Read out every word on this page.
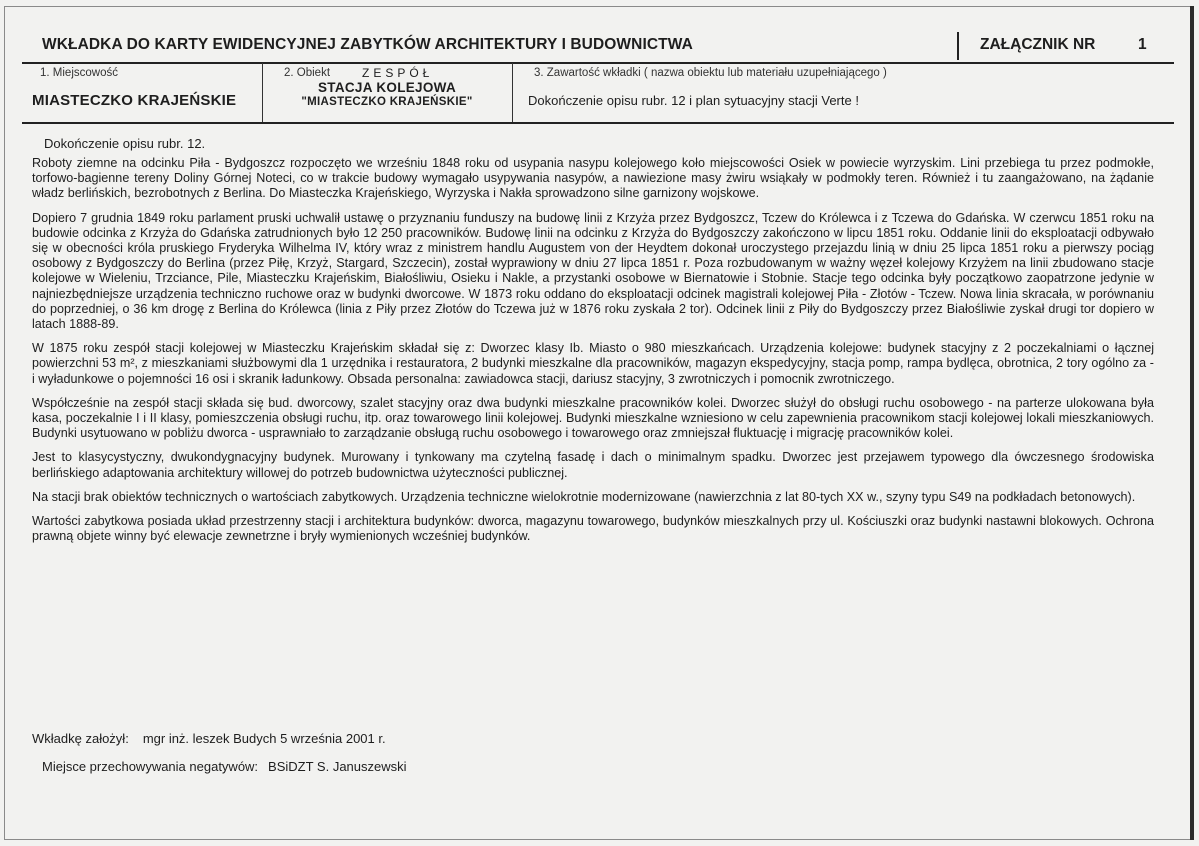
WKŁADKA DO KARTY EWIDENCYJNEJ ZABYTKÓW ARCHITEKTURY I BUDOWNICTWA	ZAŁĄCZNIK NR	1
1. Miejscowość
MIASTECZKO KRAJEŃSKIE
2. Obiekt	ZESPÓŁ
STACJA KOLEJOWA
"MIASTECZKO KRAJEŃSKIE"
3. Zawartość wkładki ( nazwa obiektu lub materiału uzupełniającego )
Dokończenie opisu rubr. 12 i plan sytuacyjny stacji Verte !
Dokończenie opisu rubr. 12.

Roboty ziemne na odcinku Piła - Bydgoszcz rozpoczęto we wrześniu 1848 roku od usypania nasypu kolejowego koło miejscowości Osiek w powiecie wyrzyskim. Lini przebiega tu przez podmokłe, torfowo-bagienne tereny Doliny Górnej Noteci, co w trakcie budowy wymagało usypywania nasypów, a nawiezione masy żwiru wsiąkały w podmokły teren. Również i tu zaangażowano, na żądanie władz berlińskich, bezrobotnych z Berlina. Do Miasteczka Krajeńskiego, Wyrzyska i Nakła sprowadzono silne garnizony wojskowe.

Dopiero 7 grudnia 1849 roku parlament pruski uchwalił ustawę o przyznaniu funduszy na budowę linii z Krzyża przez Bydgoszcz, Tczew do Królewca i z Tczewa do Gdańska. W czerwcu 1851 roku na budowie odcinka z Krzyża do Gdańska zatrudnionych było 12 250 pracowników. Budowę linii na odcinku z Krzyża do Bydgoszczy zakończono w lipcu 1851 roku. Oddanie linii do eksploatacji odbywało się w obecności króla pruskiego Fryderyka Wilhelma IV, który wraz z ministrem handlu Augustem von der Heydtem dokonał uroczystego przejazdu linią w dniu 25 lipca 1851 roku a pierwszy pociąg osobowy z Bydgoszczy do Berlina (przez Piłę, Krzyż, Stargard, Szczecin), został wyprawiony w dniu 27 lipca 1851 r. Poza rozbudowanym w ważny węzeł kolejowy Krzyżem na linii zbudowano stacje kolejowe w Wieleniu, Trzciance, Pile, Miasteczku Krajeńskim, Białośliwiu, Osieku i Nakle, a przystanki osobowe w Biernatowie i Stobnie. Stacje tego odcinka były początkowo zaopatrzone jedynie w najniezbędniejsze urządzenia techniczno ruchowe oraz w budynki dworcowe. W 1873 roku oddano do eksploatacji odcinek magistrali kolejowej Piła - Złotów - Tczew. Nowa linia skracała, w porównaniu do poprzedniej, o 36 km drogę z Berlina do Królewca (linia z Piły przez Złotów do Tczewa już w 1876 roku zyskała 2 tor). Odcinek linii z Piły do Bydgoszczy przez Białośliwie zyskał drugi tor dopiero w latach 1888-89.

W 1875 roku zespół stacji kolejowej w Miasteczku Krajeńskim składał się z: Dworzec klasy Ib. Miasto o 980 mieszkańcach. Urządzenia kolejowe: budynek stacyjny z 2 poczekalniami o łącznej powierzchni 53 m², z mieszkaniami służbowymi dla 1 urzędnika i restauratora, 2 budynki mieszkalne dla pracowników, magazyn ekspedycyjny, stacja pomp, rampa bydlęca, obrotnica, 2 tory ogólno za - i wyładunkowe o pojemności 16 osi i skranik ładunkowy. Obsada personalna: zawiadowca stacji, dariusz stacyjny, 3 zwrotniczych i pomocnik zwrotniczego.

Współcześnie na zespół stacji składa się bud. dworcowy, szalet stacyjny oraz dwa budynki mieszkalne pracowników kolei. Dworzec służył do obsługi ruchu osobowego - na parterze ulokowana była kasa, poczekalnie I i II klasy, pomieszczenia obsługi ruchu, itp. oraz towarowego linii kolejowej. Budynki mieszkalne wzniesiono w celu zapewnienia pracownikom stacji kolejowej lokali mieszkaniowych. Budynki usytuowano w pobliżu dworca - usprawniało to zarządzanie obsługą ruchu osobowego i towarowego oraz zmniejszał fluktuację i migrację pracowników kolei.

Jest to klasycystyczny, dwukondygnacyjny budynek. Murowany i tynkowany ma czytelną fasadę i dach o minimalnym spadku. Dworzec jest przejawem typowego dla ówczesnego środowiska berlińskiego adaptowania architektury willowej do potrzeb budownictwa użyteczności publicznej.

Na stacji brak obiektów technicznych o wartościach zabytkowych. Urządzenia techniczne wielokrotnie modernizowane (nawierzchnia z lat 80-tych XX w., szyny typu S49 na podkładach betonowych).

Wartości zabytkowa posiada układ przestrzenny stacji i architektura budynków: dworca, magazynu towarowego, budynków mieszkalnych przy ul. Kościuszki oraz budynki nastawni blokowych. Ochrona prawną objete winny być elewacje zewnetrzne i bryły wymienionych wcześniej budynków.

Wkładkę założył: mgr inż. leszek Budych 5 września 2001 r.
Miejsce przechowywania negatywów: BSiDZT S. Januszewski
